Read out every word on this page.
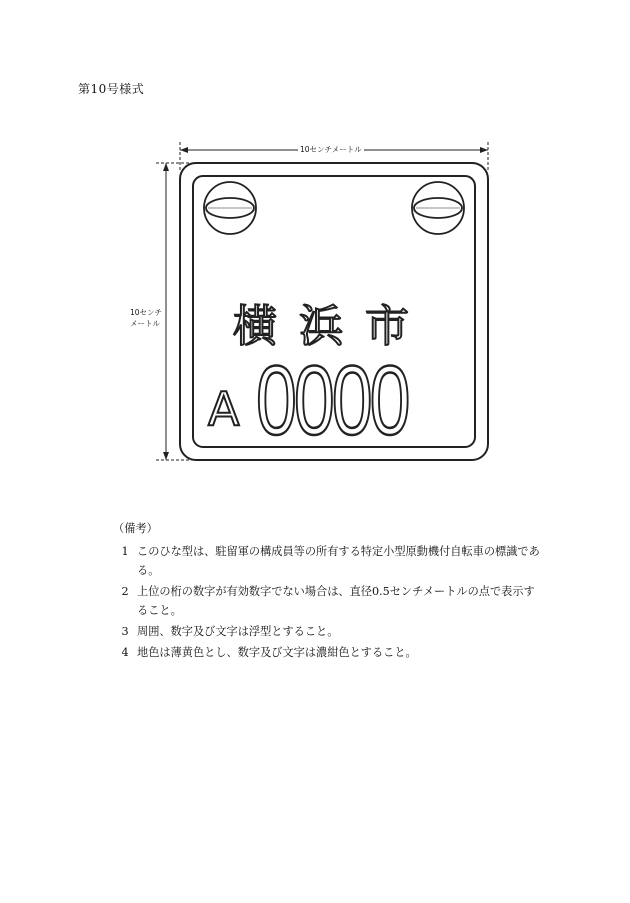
第10号様式
10センチメートル
10センチ
メートル 横浜市
A 0000
（備考）
1 このひな型は、駐留軍の構成員等の所有する特定小型原動機付自転車の標識である。
2 上位の桁の数字が有効数字でない場合は、直径0.5センチメートルの点で表示すること。
3 周囲、数字及び文字は浮型とすること。
4 地色は薄黄色とし、数字及び文字は濃紺色とすること。
